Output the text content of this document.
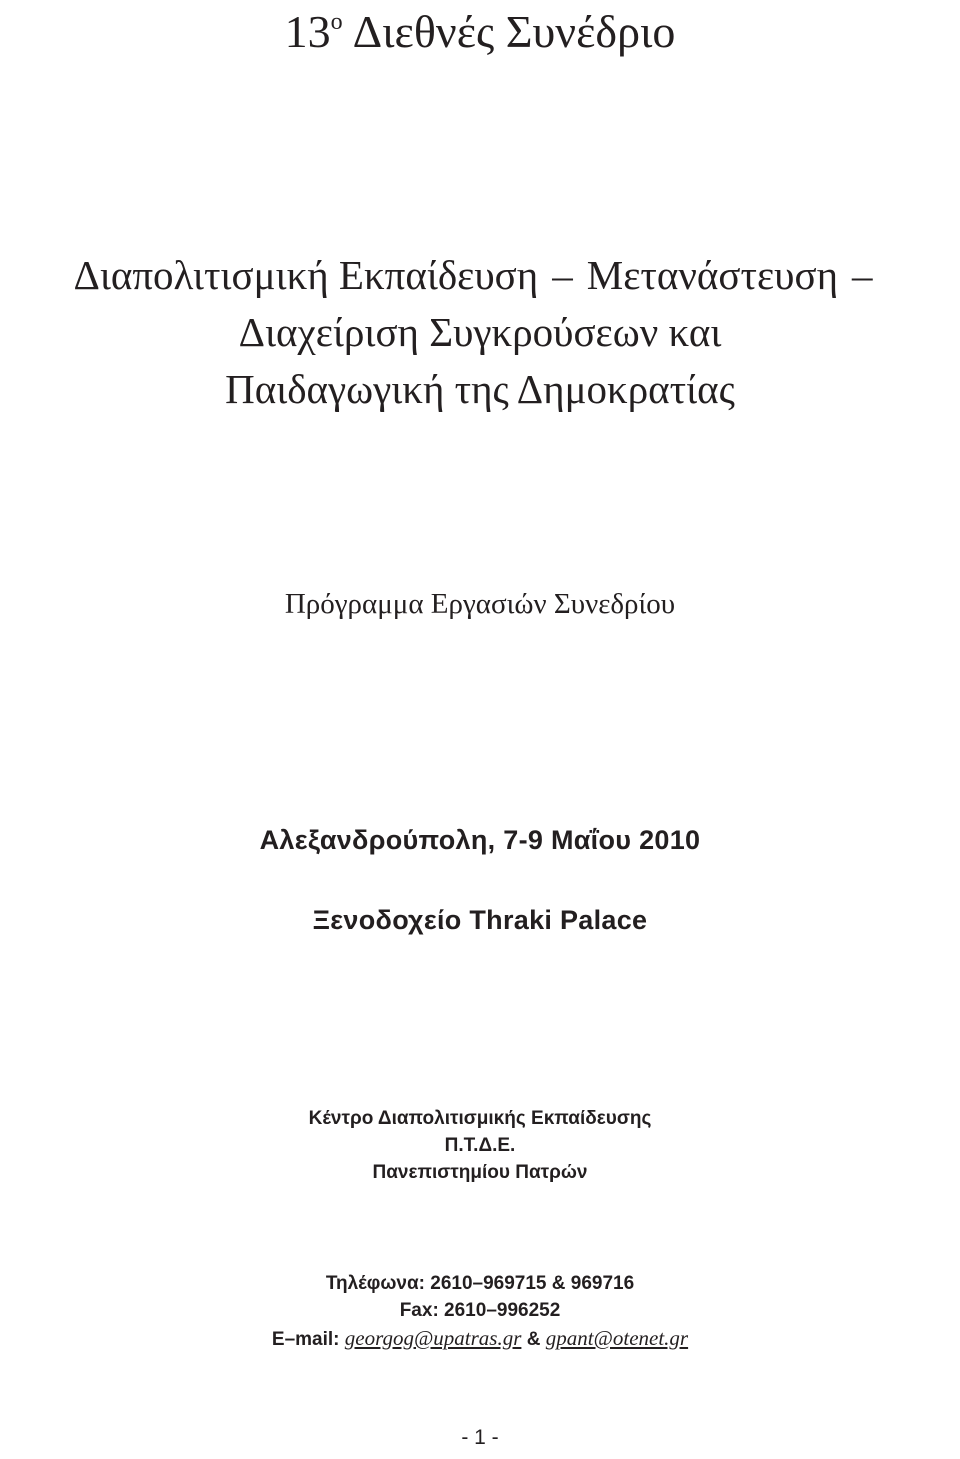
13$^o$ Διεθνές Συνέδριο
Διαπολιτισμική Εκπαίδευση – Μετανάστευση –
Διαχείριση Συγκρούσεων και
Παιδαγωγική της Δημοκρατίας
Πρόγραμμα Εργασιών Συνεδρίου
Αλεξανδρούπολη, 7-9 Μαΐου 2010
Ξενοδοχείο Thraki Palace
Κέντρο Διαπολιτισμικής Εκπαίδευσης
Π.Τ.Δ.Ε.
Πανεπιστημίου Πατρών
Τηλέφωνα: 2610–969715 & 969716
Fax: 2610–996252
E–mail: georgog@upatras.gr & gpant@otenet.gr
- 1 -
